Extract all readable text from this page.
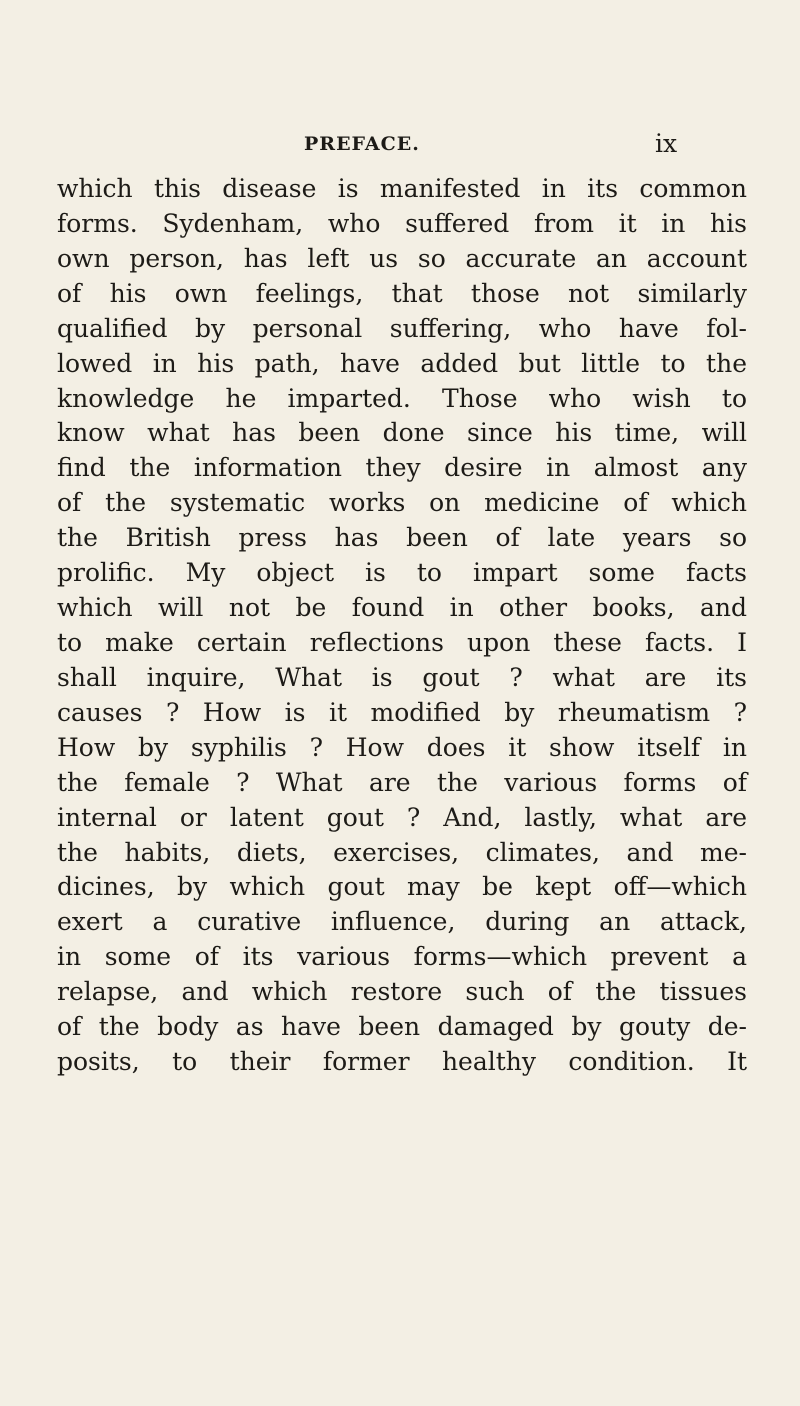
PREFACE.	ix
which this disease is manifested in its common
forms. Sydenham, who suffered from it in his
own person, has left us so accurate an account
of his own feelings, that those not similarly
qualified by personal suffering, who have fol-
lowed in his path, have added but little to the
knowledge he imparted. Those who wish to
know what has been done since his time, will
find the information they desire in almost any
of the systematic works on medicine of which
the British press has been of late years so
prolific. My object is to impart some facts
which will not be found in other books, and
to make certain reflections upon these facts. I
shall inquire, What is gout ? what are its
causes ? How is it modified by rheumatism ?
How by syphilis ? How does it show itself in
the female ? What are the various forms of
internal or latent gout ? And, lastly, what are
the habits, diets, exercises, climates, and me-
dicines, by which gout may be kept off—which
exert a curative influence, during an attack,
in some of its various forms—which prevent a
relapse, and which restore such of the tissues
of the body as have been damaged by gouty de-
posits, to their former healthy condition. It
